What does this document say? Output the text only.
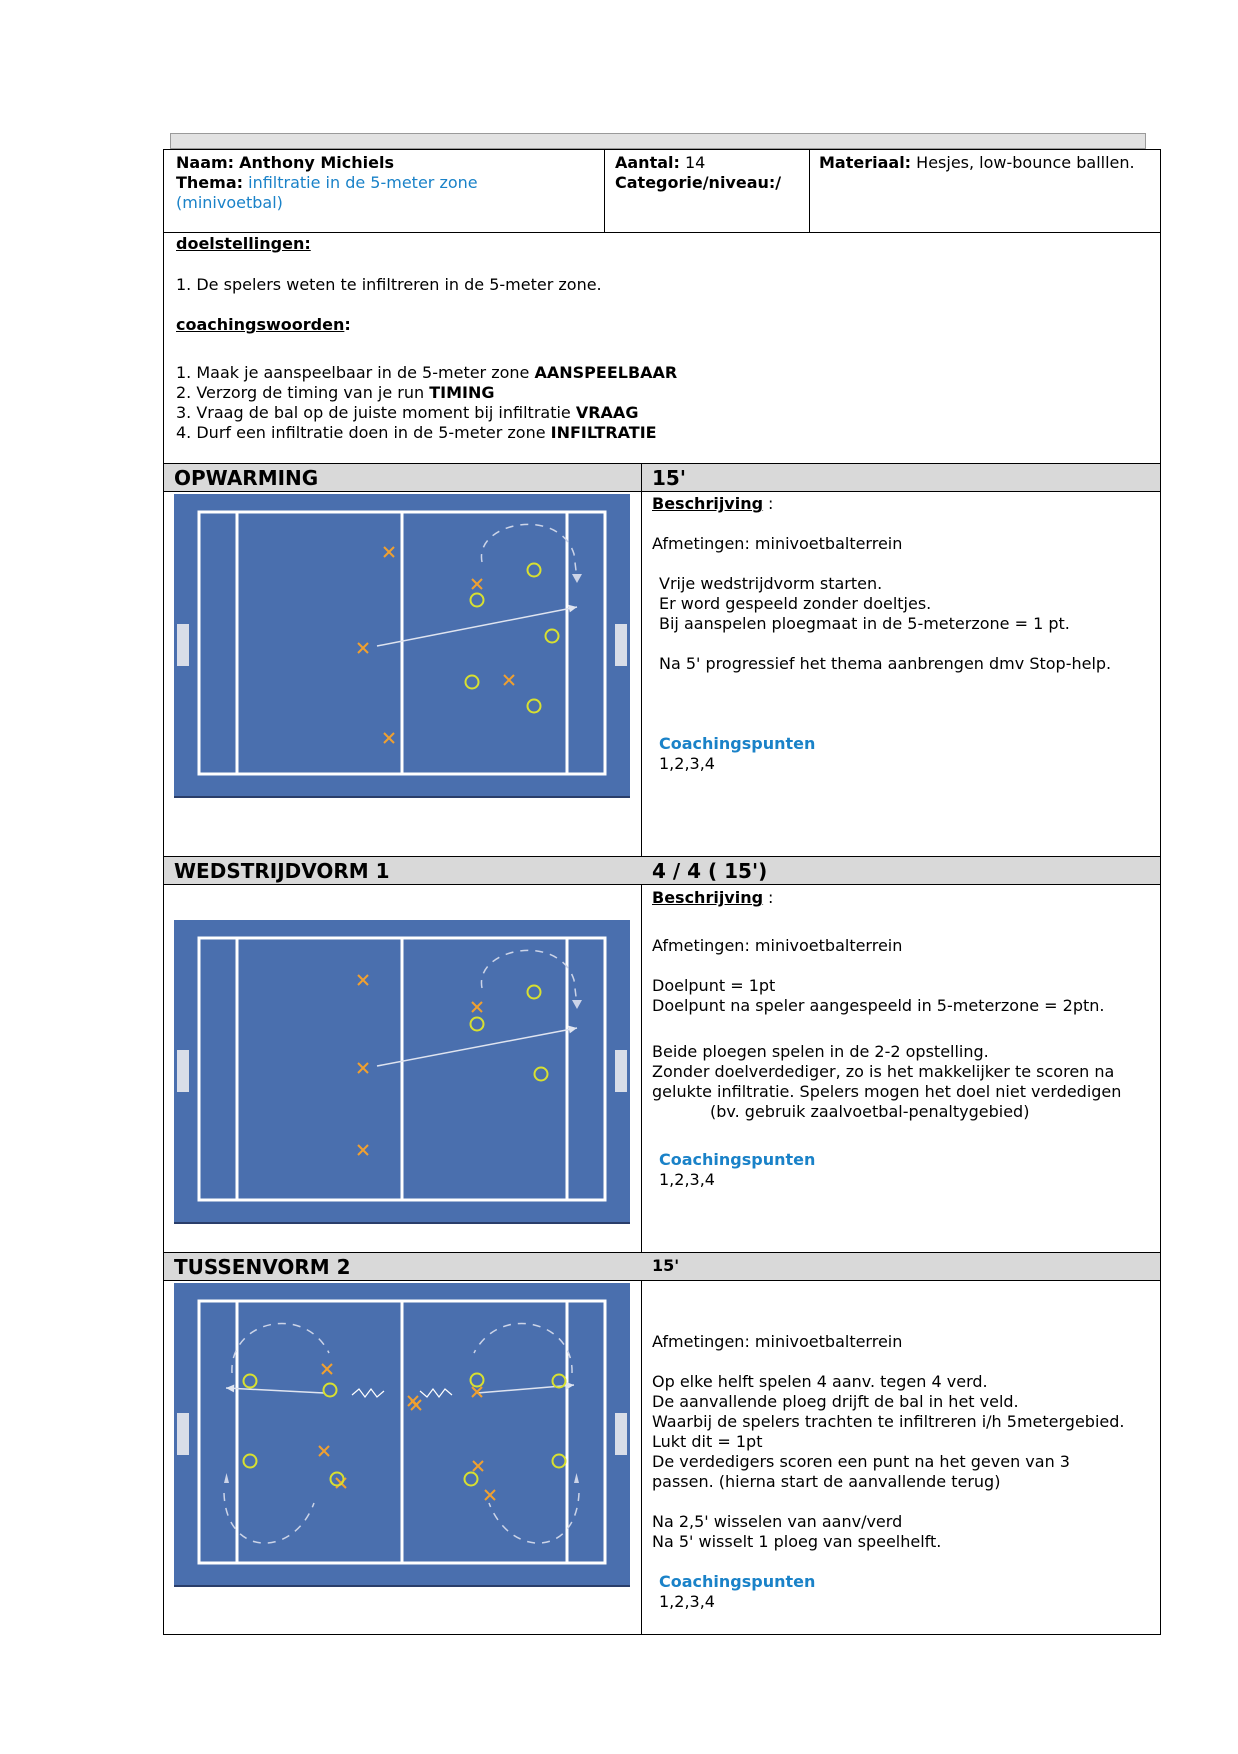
Naam: Anthony Michiels
Thema: infiltratie in de 5-meter zone
(minivoetbal)
Aantal: 14
Categorie/niveau:/
Materiaal: Hesjes, low-bounce balllen.
doelstellingen:
1. De spelers weten te infiltreren in de 5-meter zone.
coachingswoorden:
1. Maak je aanspeelbaar in de 5-meter zone AANSPEELBAAR
2. Verzorg de timing van je run TIMING
3. Vraag de bal op de juiste moment bij infiltratie VRAAG
4. Durf een infiltratie doen in de 5-meter zone INFILTRATIE
OPWARMING	15'
Beschrijving :
Afmetingen: minivoetbalterrein
Vrije wedstrijdvorm starten.
Er word gespeeld zonder doeltjes.
Bij aanspelen ploegmaat in de 5-meterzone = 1 pt.
Na 5' progressief het thema aanbrengen dmv Stop-help.
Coachingspunten
1,2,3,4
WEDSTRIJDVORM 1	4 / 4 ( 15')
Beschrijving :
Afmetingen: minivoetbalterrein
Doelpunt = 1pt
Doelpunt na speler aangespeeld in 5-meterzone = 2ptn.
Beide ploegen spelen in de 2-2 opstelling.
Zonder doelverdediger, zo is het makkelijker te scoren na
gelukte infiltratie. Spelers mogen het doel niet verdedigen
(bv. gebruik zaalvoetbal-penaltygebied)
Coachingspunten
1,2,3,4
TUSSENVORM 2	15'
Afmetingen: minivoetbalterrein
Op elke helft spelen 4 aanv. tegen 4 verd.
De aanvallende ploeg drijft de bal in het veld.
Waarbij de spelers trachten te infiltreren i/h 5metergebied.
Lukt dit = 1pt
De verdedigers scoren een punt na het geven van 3
passen. (hierna start de aanvallende terug)
Na 2,5' wisselen van aanv/verd
Na 5' wisselt 1 ploeg van speelhelft.
Coachingspunten
1,2,3,4
